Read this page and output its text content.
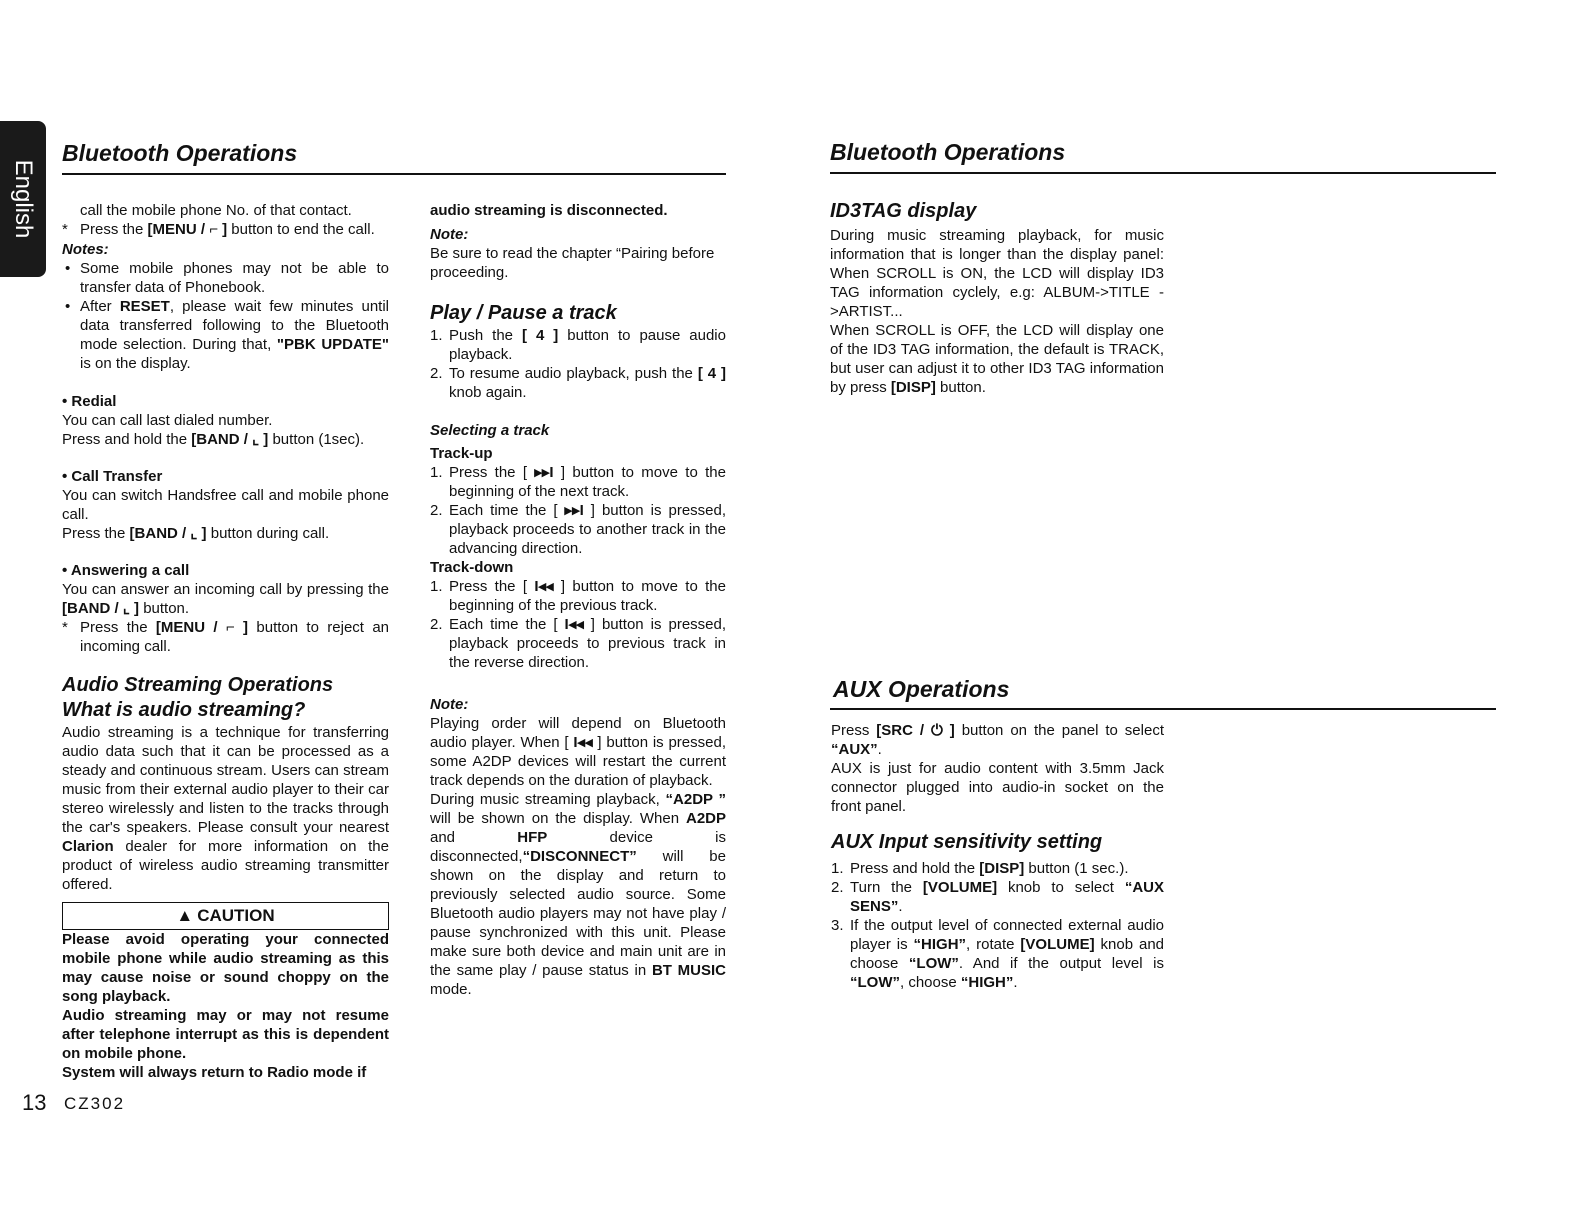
English
Bluetooth Operations	Bluetooth Operations
AUX Operations

call the mobile phone No. of that contact.

* Press the [MENU / ⌐ ] button to end the call.

Notes:

• Some mobile phones may not be able to transfer data of Phonebook.
• After RESET, please wait few minutes until data transferred following to the Bluetooth mode selection. During that, "PBK UPDATE" is on the display.

• Redial

You can call last dialed number.

Press and hold the [BAND / ⌞ ] button (1sec).

• Call Transfer

You can switch Handsfree call and mobile phone call.

Press the [BAND / ⌞ ] button during call.

• Answering a call

You can answer an incoming call by pressing the [BAND / ⌞ ] button.

* Press the [MENU / ⌐ ] button to reject an incoming call.

Audio Streaming Operations

What is audio streaming?

Audio streaming is a technique for transferring audio data such that it can be processed as a steady and continuous stream. Users can stream music from their external audio player to their car stereo wirelessly and listen to the tracks through the car's speakers. Please consult your nearest Clarion dealer for more information on the product of wireless audio streaming transmitter offered.

▲ CAUTION

Please avoid operating your connected mobile phone while audio streaming as this may cause noise or sound choppy on the song playback.

Audio streaming may or may not resume after telephone interrupt as this is dependent on mobile phone.

System will always return to Radio mode if

audio streaming is disconnected.

Note:

Be sure to read the chapter “Pairing before proceeding.

Play / Pause a track

1. Push the [ 4 ] button to pause audio playback.
2. To resume audio playback, push the [ 4 ] knob again.

Selecting a track

Track-up

1. Press the [ ▸▸I ] button to move to the beginning of the next track.
2. Each time the [ ▸▸I ] button is pressed, playback proceeds to another track in the advancing direction.

Track-down

1. Press the [ I◂◂ ] button to move to the beginning of the previous track.
2. Each time the [ I◂◂ ] button is pressed, playback proceeds to previous track in the reverse direction.

Note:

Playing order will depend on Bluetooth audio player. When [ I◂◂ ] button is pressed, some A2DP devices will restart the current track depends on the duration of playback.

During music streaming playback, “A2DP ” will be shown on the display. When A2DP and HFP device is disconnected,“DISCONNECT” will be shown on the display and return to previously selected audio source. Some Bluetooth audio players may not have play / pause synchronized with this unit. Please make sure both device and main unit are in the same play / pause status in BT MUSIC mode.

ID3TAG display

During music streaming playback, for music information that is longer than the display panel: When SCROLL is ON, the LCD will display ID3 TAG information cyclely, e.g: ALBUM->TITLE ->ARTIST...

When SCROLL is OFF, the LCD will display one of the ID3 TAG information, the default is TRACK, but user can adjust it to other ID3 TAG information by press [DISP] button.

Press [SRC / ⏻ ] button on the panel to select “AUX”.

AUX is just for audio content with 3.5mm Jack connector plugged into audio-in socket on the front panel.

AUX Input sensitivity setting

1. Press and hold the [DISP] button (1 sec.).
2. Turn the [VOLUME] knob to select “AUX SENS”.
3. If the output level of connected external audio player is “HIGH”, rotate [VOLUME] knob and choose “LOW”. And if the output level is “LOW”, choose “HIGH”.
13 CZ302
